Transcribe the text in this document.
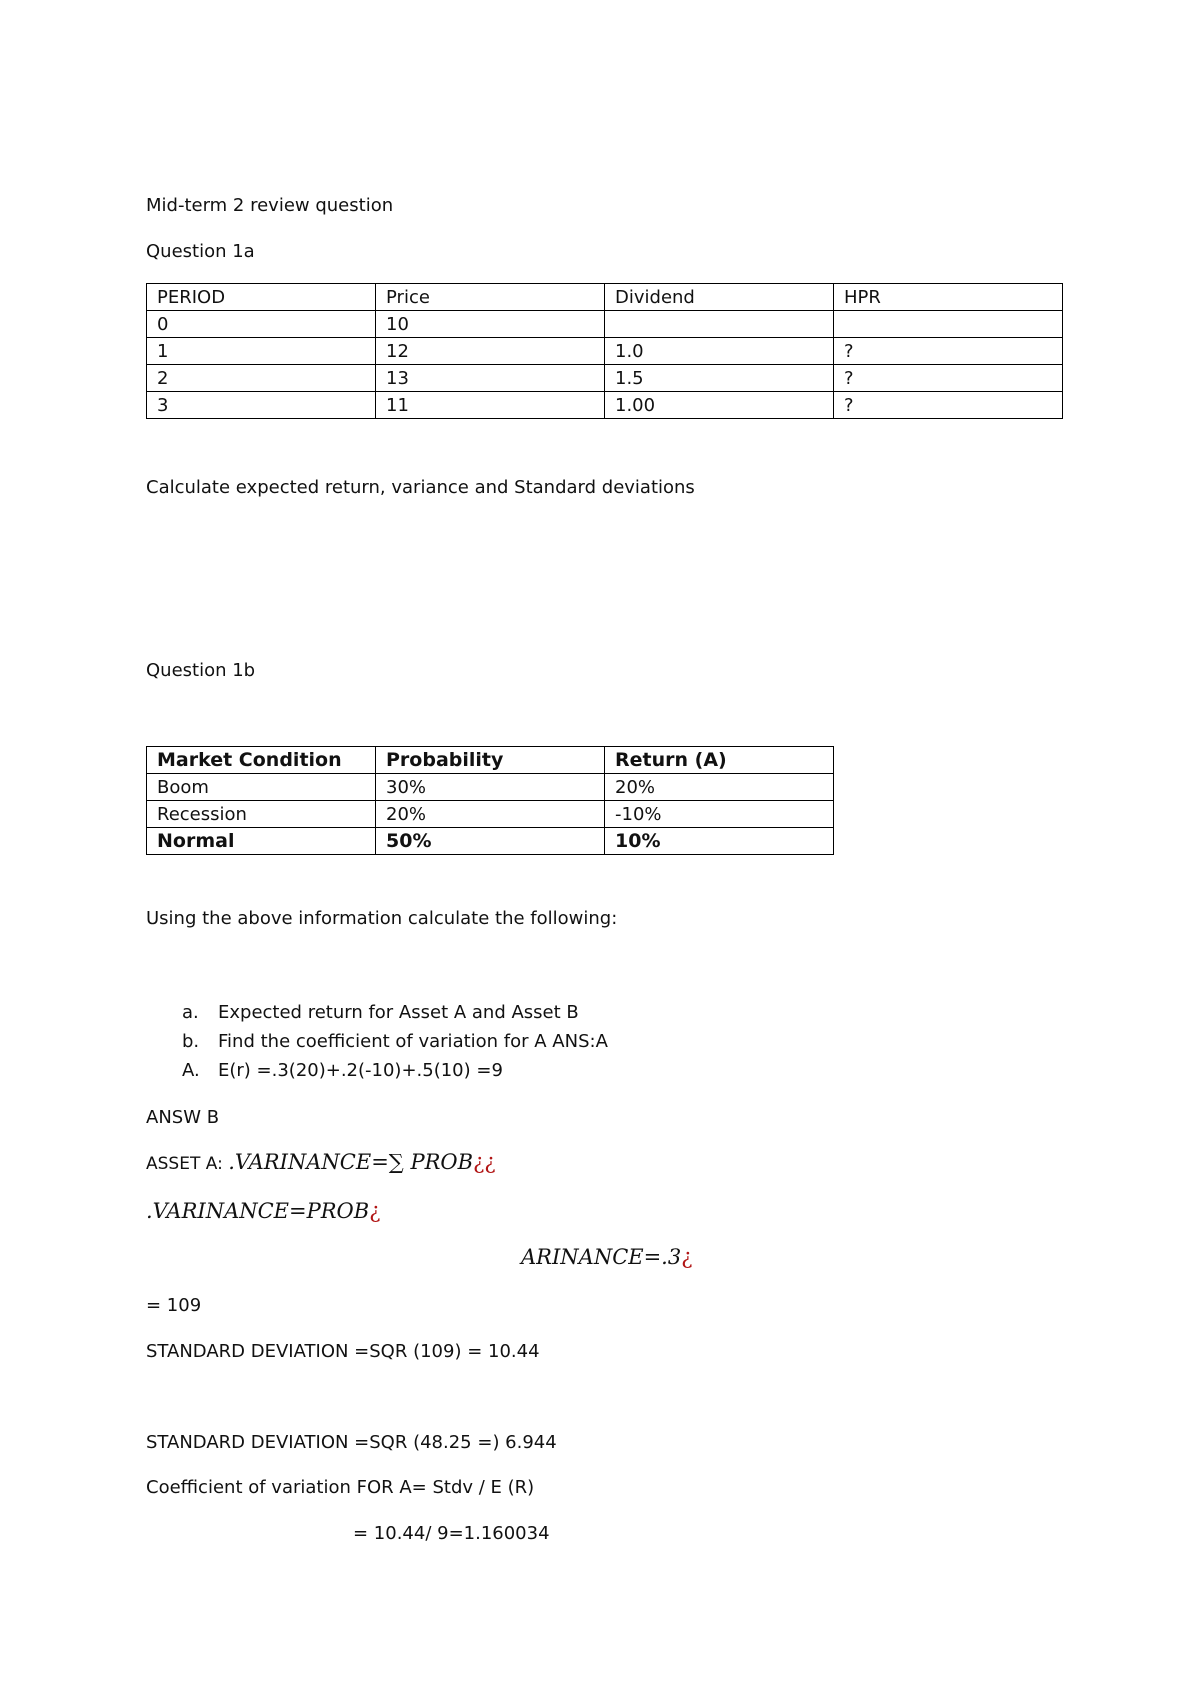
Mid-term 2 review question
Question 1a
PERIOD	Price	Dividend	HPR
0	10		
1	12	1.0	?
2	13	1.5	?
3	11	1.00	?
Calculate expected return, variance and Standard deviations
Question 1b
Market Condition	Probability	Return (A)
Boom	30%	20%
Recession	20%	-10%
Normal	50%	10%
Using the above information calculate the following:
a. Expected return for Asset A and Asset B
b. Find the coefficient of variation for A ANS:A
A. E(r) =.3(20)+.2(-10)+.5(10) =9
ANSW B
ASSET A: .VARINANCE=∑ PROB¿¿
.VARINANCE=PROB¿
ARINANCE=.3¿
= 109
STANDARD DEVIATION =SQR (109) = 10.44
STANDARD DEVIATION =SQR (48.25 =) 6.944
Coefficient of variation FOR A= Stdv / E (R)
= 10.44/ 9=1.160034
